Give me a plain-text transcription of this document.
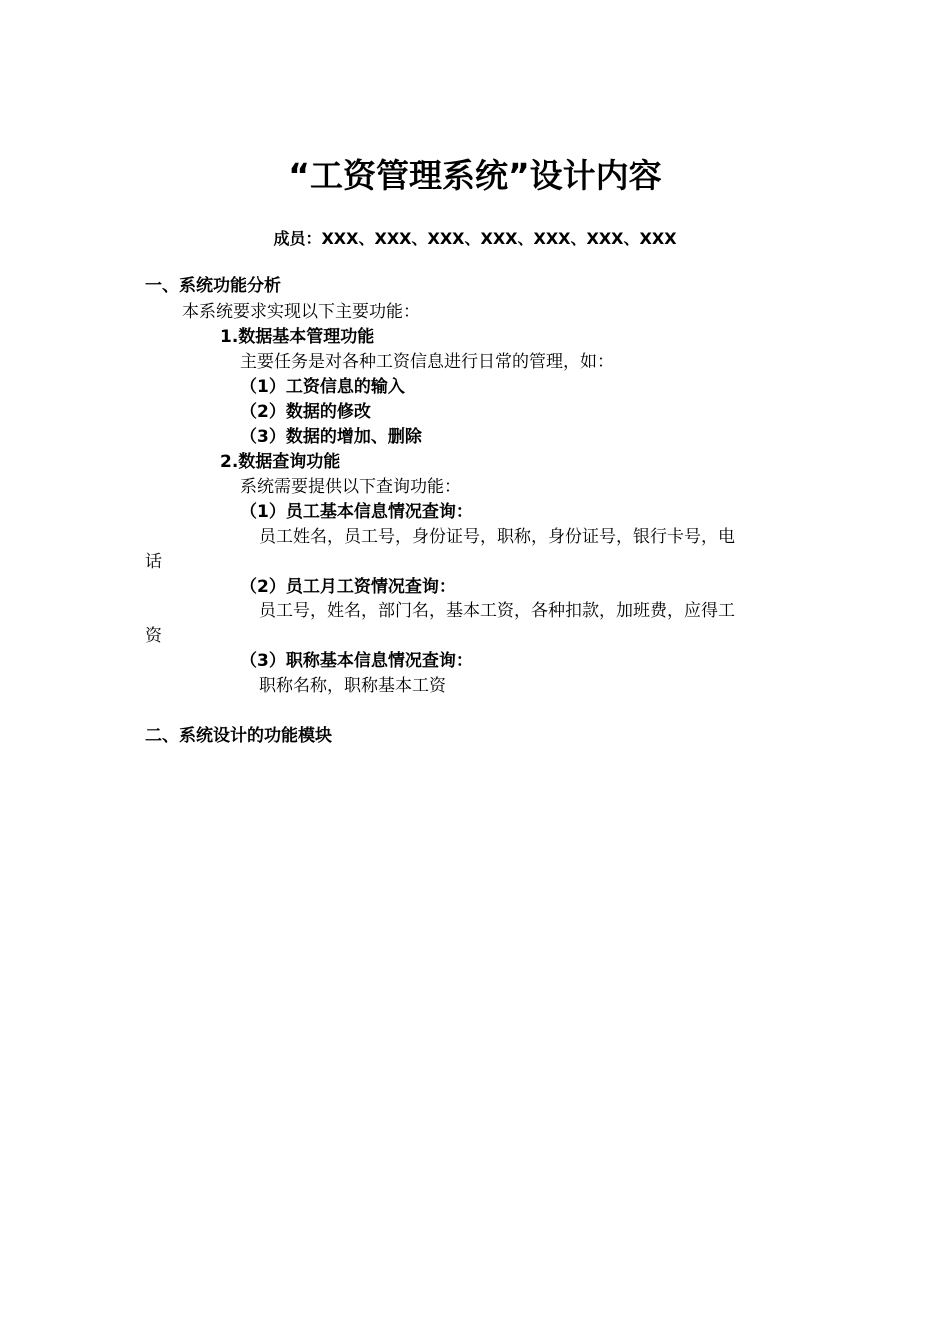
“工资管理系统”设计内容
成员：XXX、XXX、XXX、XXX、XXX、XXX、XXX
一、系统功能分析
本系统要求实现以下主要功能：
1.数据基本管理功能
主要任务是对各种工资信息进行日常的管理，如：
（1）工资信息的输入
（2）数据的修改
（3）数据的增加、删除
2.数据查询功能
系统需要提供以下查询功能：
（1）员工基本信息情况查询：
员工姓名，员工号，身份证号，职称，身份证号，银行卡号，电
话
（2）员工月工资情况查询：
员工号，姓名，部门名，基本工资，各种扣款，加班费，应得工
资
（3）职称基本信息情况查询：
职称名称，职称基本工资
二、系统设计的功能模块
